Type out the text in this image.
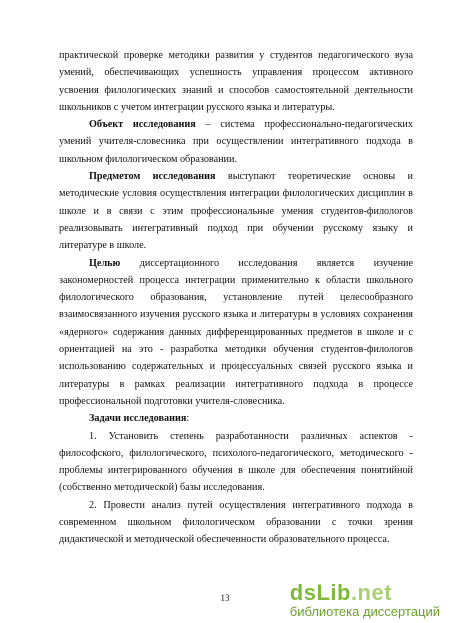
практической проверке методики развития у студентов педагогического вуза умений, обеспечивающих успешность управления процессом активного усвоения филологических знаний и способов самостоятельной деятельности школьников с учетом интеграции русского языка и литературы.

Объект исследования – система профессионально-педагогических умений учителя-словесника при осуществлении интегративного подхода в школьном филологическом образовании.

Предметом исследования выступают теоретические основы и методические условия осуществления интеграции филологических дисциплин в школе и в связи с этим профессиональные умения студентов-филологов реализовывать интегративный подход при обучении русскому языку и литературе в школе.

Целью диссертационного исследования является изучение закономерностей процесса интеграции применительно к области школьного филологического образования, установление путей целесообразного взаимосвязанного изучения русского языка и литературы в условиях сохранения «ядерного» содержания данных дифференцированных предметов в школе и с ориентацией на это - разработка методики обучения студентов-филологов использованию содержательных и процессуальных связей русского языка и литературы в рамках реализации интегративного подхода в процессе профессиональной подготовки учителя-словесника.

Задачи исследования:

1. Установить степень разработанности различных аспектов - философского, филологического, психолого-педагогического, методического - проблемы интегрированного обучения в школе для обеспечения понятийной (собственно методической) базы исследования.

2. Провести анализ путей осуществления интегративного подхода в современном школьном филологическом образовании с точки зрения дидактической и методической обеспеченности образовательного процесса.

13	dsLib.net
библиотека диссертаций
